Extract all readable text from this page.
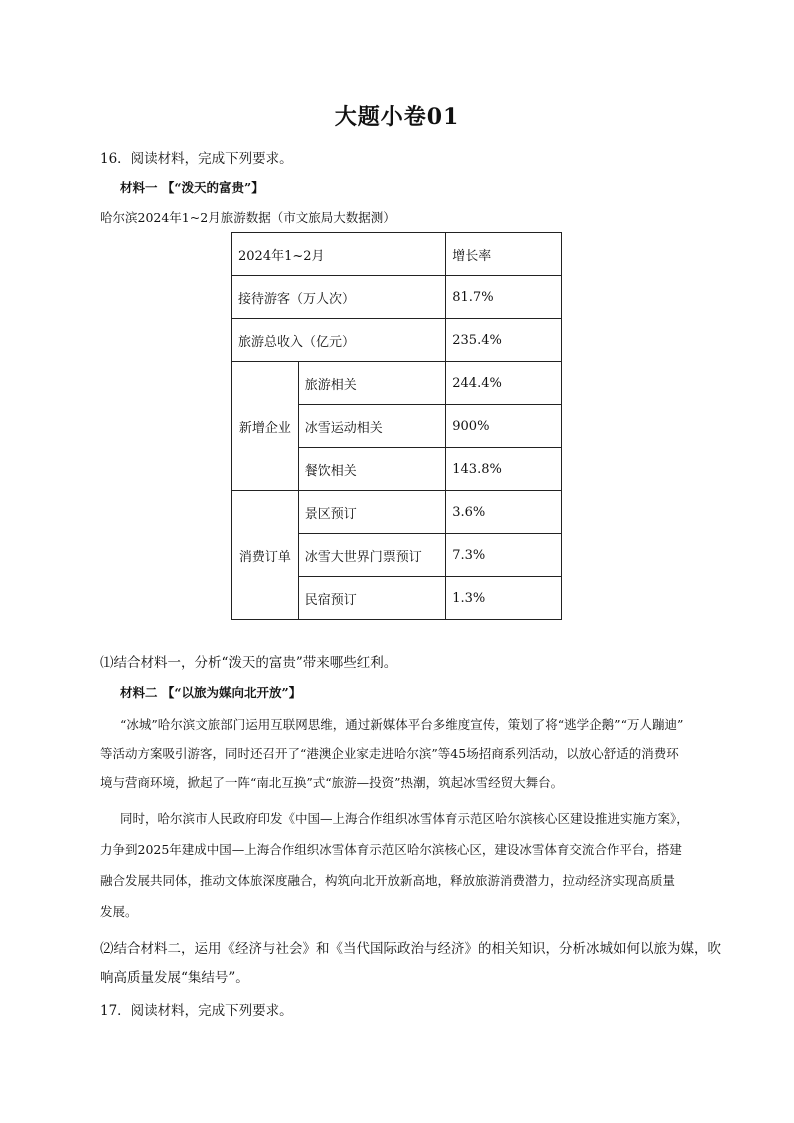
大题小卷01
16．阅读材料，完成下列要求。
材料一 【“泼天的富贵”】
哈尔滨2024年1~2月旅游数据（市文旅局大数据测）
2024年1~2月		增长率
接待游客（万人次）		81.7%
旅游总收入（亿元）		235.4%
新增企业	旅游相关	244.4%
	冰雪运动相关	900%
	餐饮相关	143.8%
消费订单	景区预订	3.6%
	冰雪大世界门票预订	7.3%
	民宿预订	1.3%
⑴结合材料一，分析“泼天的富贵”带来哪些红利。
材料二 【“以旅为媒向北开放”】
“冰城”哈尔滨文旅部门运用互联网思维，通过新媒体平台多维度宣传，策划了将“逃学企鹅”“万人蹦迪”
等活动方案吸引游客，同时还召开了“港澳企业家走进哈尔滨”等45场招商系列活动，以放心舒适的消费环
境与营商环境，掀起了一阵“南北互换”式“旅游—投资”热潮，筑起冰雪经贸大舞台。
同时，哈尔滨市人民政府印发《中国—上海合作组织冰雪体育示范区哈尔滨核心区建设推进实施方案》，
力争到2025年建成中国—上海合作组织冰雪体育示范区哈尔滨核心区，建设冰雪体育交流合作平台，搭建
融合发展共同体，推动文体旅深度融合，构筑向北开放新高地，释放旅游消费潜力，拉动经济实现高质量
发展。
⑵结合材料二，运用《经济与社会》和《当代国际政治与经济》的相关知识，分析冰城如何以旅为媒，吹
响高质量发展“集结号”。
17．阅读材料，完成下列要求。
